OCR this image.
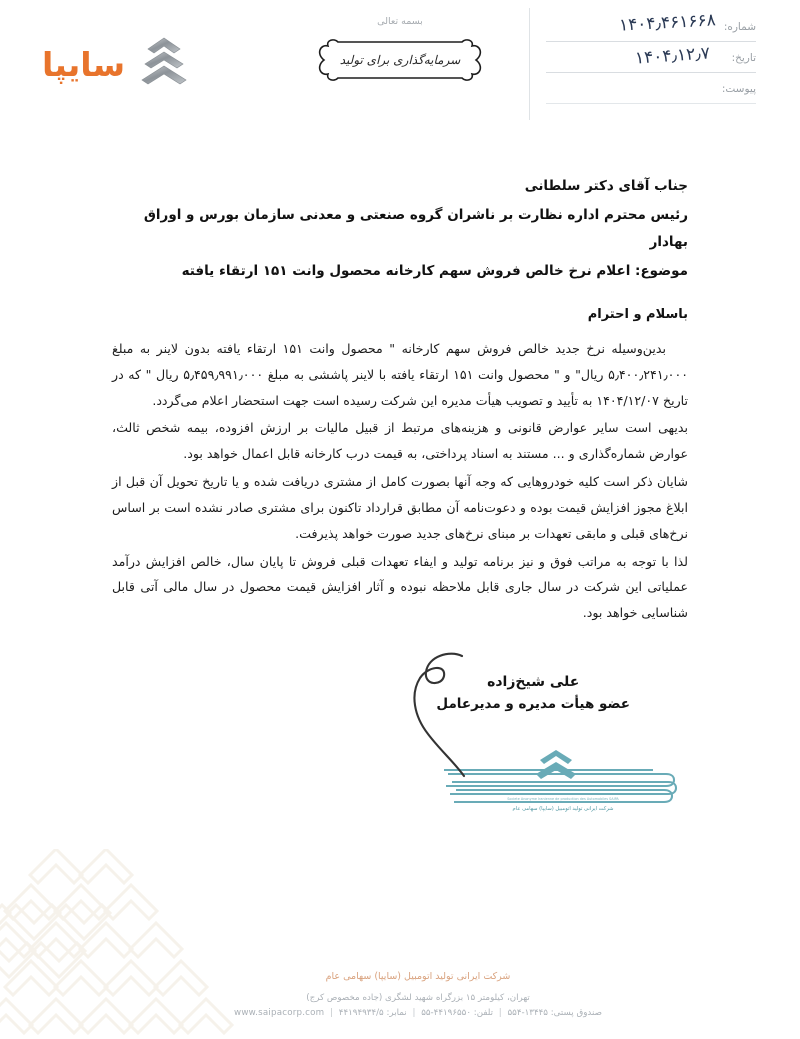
شماره:
۱۴۰۴٫۴۶۱۶۶۸
تاریخ:
۱۴۰۴٫۱۲٫۷
پیوست:
بسمه تعالی
سرمایه‌گذاری برای تولید
سایپا
جناب آقای دکتر سلطانی
رئیس محترم اداره نظارت بر ناشران گروه صنعتی و معدنی سازمان بورس و اوراق بهادار
موضوع: اعلام نرخ خالص فروش سهم کارخانه محصول وانت ۱۵۱ ارتقاء یافته
باسلام و احترام

بدین‌وسیله نرخ جدید خالص فروش سهم کارخانه " محصول وانت ۱۵۱ ارتقاء یافته بدون لاینر به مبلغ ۵٫۴۰۰٫۲۴۱٫۰۰۰ ریال" و " محصول وانت ۱۵۱ ارتقاء یافته با لاینر پاششی به مبلغ ۵٫۴۵۹٫۹۹۱٫۰۰۰ ریال " که در تاریخ ۱۴۰۴/۱۲/۰۷ به تأیید و تصویب هیأت مدیره این شرکت رسیده است جهت استحضار اعلام می‌گردد.

بدیهی است سایر عوارض قانونی و هزینه‌های مرتبط از قبیل مالیات بر ارزش افزوده، بیمه شخص ثالث، عوارض شماره‌گذاری و ... مستند به اسناد پرداختی، به قیمت درب کارخانه قابل اعمال خواهد بود.

شایان ذکر است کلیه خودروهایی که وجه آنها بصورت کامل از مشتری دریافت شده و یا تاریخ تحویل آن قبل از ابلاغ مجوز افزایش قیمت بوده و دعوت‌نامه آن مطابق قرارداد تاکنون برای مشتری صادر نشده است بر اساس نرخ‌های قبلی و مابقی تعهدات بر مبنای نرخ‌های جدید صورت خواهد پذیرفت.

لذا با توجه به مراتب فوق و نیز برنامه تولید و ایفاء تعهدات قبلی فروش تا پایان سال، خالص افزایش درآمد عملیاتی این شرکت در سال جاری قابل ملاحظه نبوده و آثار افزایش قیمت محصول در سال مالی آتی قابل شناسایی خواهد بود.

علی شیخ‌زاده
عضو هیأت مدیره و مدیرعامل
شرکت ایرانی تولید اتومبیل (سایپا) سهامی عام
Societe Anonyme Iranienne de production des Automobiles SAIPA
شرکت ایرانی تولید اتومبیل (سایپا) سهامی عام
تهران، کیلومتر ۱۵ بزرگراه شهید لشگری (جاده مخصوص کرج)
صندوق پستی: ۱۳۴۴۵-۵۵۴ | تلفن: ۴۴۱۹۶۵۵۰-۵۵ | نمابر: ۴۴۱۹۴۹۳۴/۵ | www.saipacorp.com
